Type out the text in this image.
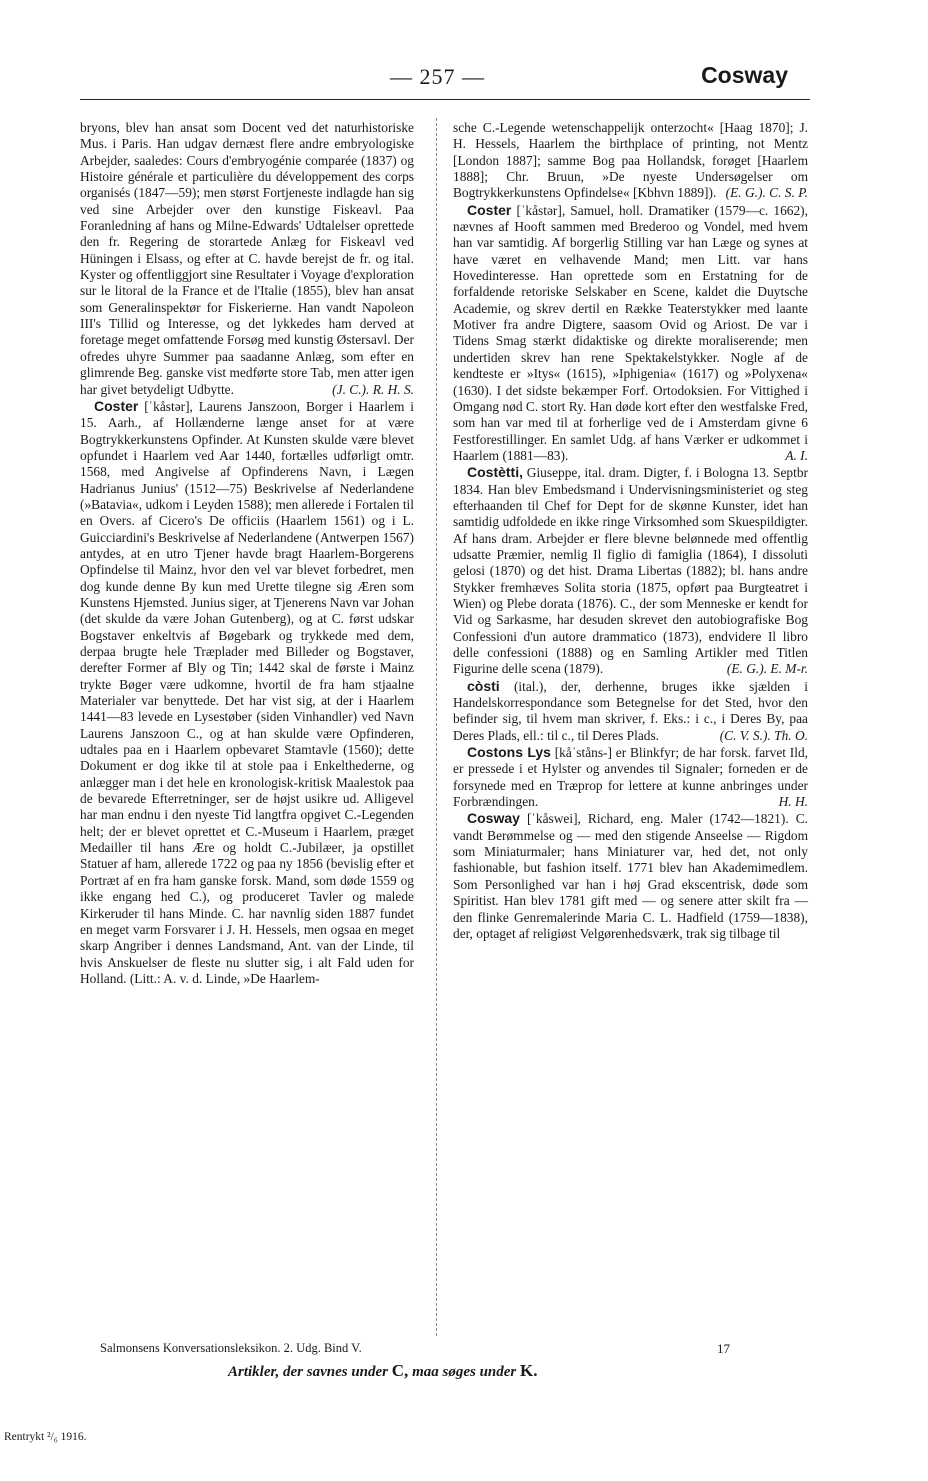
— 257 —	Cosway

bryons, blev han ansat som Docent ved det naturhistoriske Mus. i Paris. Han udgav dernæst flere andre embryologiske Arbejder, saaledes: Cours d'embryogénie comparée (1837) og Histoire générale et particulière du développement des corps organisés (1847—59); men størst Fortjeneste indlagde han sig ved sine Arbejder over den kunstige Fiskeavl. Paa Foranledning af hans og Milne-Edwards' Udtalelser oprettede den fr. Regering de storartede Anlæg for Fiskeavl ved Hüningen i Elsass, og efter at C. havde berejst de fr. og ital. Kyster og offentliggjort sine Resultater i Voyage d'exploration sur le litoral de la France et de l'Italie (1855), blev han ansat som Generalinspektør for Fiskerierne. Han vandt Napoleon III's Tillid og Interesse, og det lykkedes ham derved at foretage meget omfattende Forsøg med kunstig Østersavl. Der ofredes uhyre Summer paa saadanne Anlæg, som efter en glimrende Beg. ganske vist medførte store Tab, men atter igen har givet betydeligt Udbytte.	(J. C.). R. H. S.

Coster [ˈkåstər], Laurens Janszoon, Borger i Haarlem i 15. Aarh., af Hollænderne længe anset for at være Bogtrykkerkunstens Opfinder. At Kunsten skulde være blevet opfundet i Haarlem ved Aar 1440, fortælles udførligt omtr. 1568, med Angivelse af Opfinderens Navn, i Lægen Hadrianus Junius' (1512—75) Beskrivelse af Nederlandene (»Batavia«, udkom i Leyden 1588); men allerede i Fortalen til en Overs. af Cicero's De officiis (Haarlem 1561) og i L. Guicciardini's Beskrivelse af Nederlandene (Antwerpen 1567) antydes, at en utro Tjener havde bragt Haarlem-Borgerens Opfindelse til Mainz, hvor den vel var blevet forbedret, men dog kunde denne By kun med Urette tilegne sig Æren som Kunstens Hjemsted. Junius siger, at Tjenerens Navn var Johan (det skulde da være Johan Gutenberg), og at C. først udskar Bogstaver enkeltvis af Bøgebark og trykkede med dem, derpaa brugte hele Træplader med Billeder og Bogstaver, derefter Former af Bly og Tin; 1442 skal de første i Mainz trykte Bøger være udkomne, hvortil de fra ham stjaalne Materialer var benyttede. Det har vist sig, at der i Haarlem 1441—83 levede en Lysestøber (siden Vinhandler) ved Navn Laurens Janszoon C., og at han skulde være Opfinderen, udtales paa en i Haarlem opbevaret Stamtavle (1560); dette Dokument er dog ikke til at stole paa i Enkelthederne, og anlægger man i det hele en kronologisk-kritisk Maalestok paa de bevarede Efterretninger, ser de højst usikre ud. Alligevel har man endnu i den nyeste Tid langtfra opgivet C.-Legenden helt; der er blevet oprettet et C.-Museum i Haarlem, præget Medailler til hans Ære og holdt C.-Jubilæer, ja opstillet Statuer af ham, allerede 1722 og paa ny 1856 (bevislig efter et Portræt af en fra ham ganske forsk. Mand, som døde 1559 og ikke engang hed C.), og produceret Tavler og malede Kirkeruder til hans Minde. C. har navnlig siden 1887 fundet en meget varm Forsvarer i J. H. Hessels, men ogsaa en meget skarp Angriber i dennes Landsmand, Ant. van der Linde, til hvis Anskuelser de fleste nu slutter sig, i alt Fald uden for Holland. (Litt.: A. v. d. Linde, »De Haarlem-

sche C.-Legende wetenschappelijk onterzocht« [Haag 1870]; J. H. Hessels, Haarlem the birthplace of printing, not Mentz [London 1887]; samme Bog paa Hollandsk, forøget [Haarlem 1888]; Chr. Bruun, »De nyeste Undersøgelser om Bogtrykkerkunstens Opfindelse« [Kbhvn 1889]). (E. G.). C. S. P.

Coster [ˈkåstər], Samuel, holl. Dramatiker (1579—c. 1662), nævnes af Hooft sammen med Brederoo og Vondel, med hvem han var samtidig. Af borgerlig Stilling var han Læge og synes at have været en velhavende Mand; men Litt. var hans Hovedinteresse. Han oprettede som en Erstatning for de forfaldende retoriske Selskaber en Scene, kaldet die Duytsche Academie, og skrev dertil en Række Teaterstykker med laante Motiver fra andre Digtere, saasom Ovid og Ariost. De var i Tidens Smag stærkt didaktiske og direkte moraliserende; men undertiden skrev han rene Spektakelstykker. Nogle af de kendteste er »Itys« (1615), »Iphigenia« (1617) og »Polyxena« (1630). I det sidste bekæmper Forf. Ortodoksien. For Vittighed i Omgang nød C. stort Ry. Han døde kort efter den westfalske Fred, som han var med til at forherlige ved de i Amsterdam givne 6 Festforestillinger. En samlet Udg. af hans Værker er udkommet i Haarlem (1881—83).	A. I.

Costètti, Giuseppe, ital. dram. Digter, f. i Bologna 13. Septbr 1834. Han blev Embedsmand i Undervisningsministeriet og steg efterhaanden til Chef for Dept for de skønne Kunster, idet han samtidig udfoldede en ikke ringe Virksomhed som Skuespildigter. Af hans dram. Arbejder er flere blevne belønnede med offentlig udsatte Præmier, nemlig Il figlio di famiglia (1864), I dissoluti gelosi (1870) og det hist. Drama Libertas (1882); bl. hans andre Stykker fremhæves Solita storia (1875, opført paa Burgteatret i Wien) og Plebe dorata (1876). C., der som Menneske er kendt for Vid og Sarkasme, har desuden skrevet den autobiografiske Bog Confessioni d'un autore drammatico (1873), endvidere Il libro delle confessioni (1888) og en Samling Artikler med Titlen Figurine delle scena (1879).	(E. G.). E. M-r.

còsti (ital.), der, derhenne, bruges ikke sjælden i Handelskorrespondance som Betegnelse for det Sted, hvor den befinder sig, til hvem man skriver, f. Eks.: i c., i Deres By, paa Deres Plads, ell.: til c., til Deres Plads.	(C. V. S.). Th. O.

Costons Lys [kåˈståns-] er Blinkfyr; de har forsk. farvet Ild, er pressede i et Hylster og anvendes til Signaler; forneden er de forsynede med en Træprop for lettere at kunne anbringes under Forbrændingen.	H. H.

Cosway [ˈkåswei], Richard, eng. Maler (1742—1821). C. vandt Berømmelse og — med den stigende Anseelse — Rigdom som Miniaturmaler; hans Miniaturer var, hed det, not only fashionable, but fashion itself. 1771 blev han Akademimedlem. Som Personlighed var han i høj Grad ekscentrisk, døde som Spiritist. Han blev 1781 gift med — og senere atter skilt fra — den flinke Genremalerinde Maria C. L. Hadfield (1759—1838), der, optaget af religiøst Velgørenhedsværk, trak sig tilbage til

Salmonsens Konversationsleksikon. 2. Udg. Bind V.	17
Artikler, der savnes under C, maa søges under K.
Rentrykt ²/₆ 1916.
